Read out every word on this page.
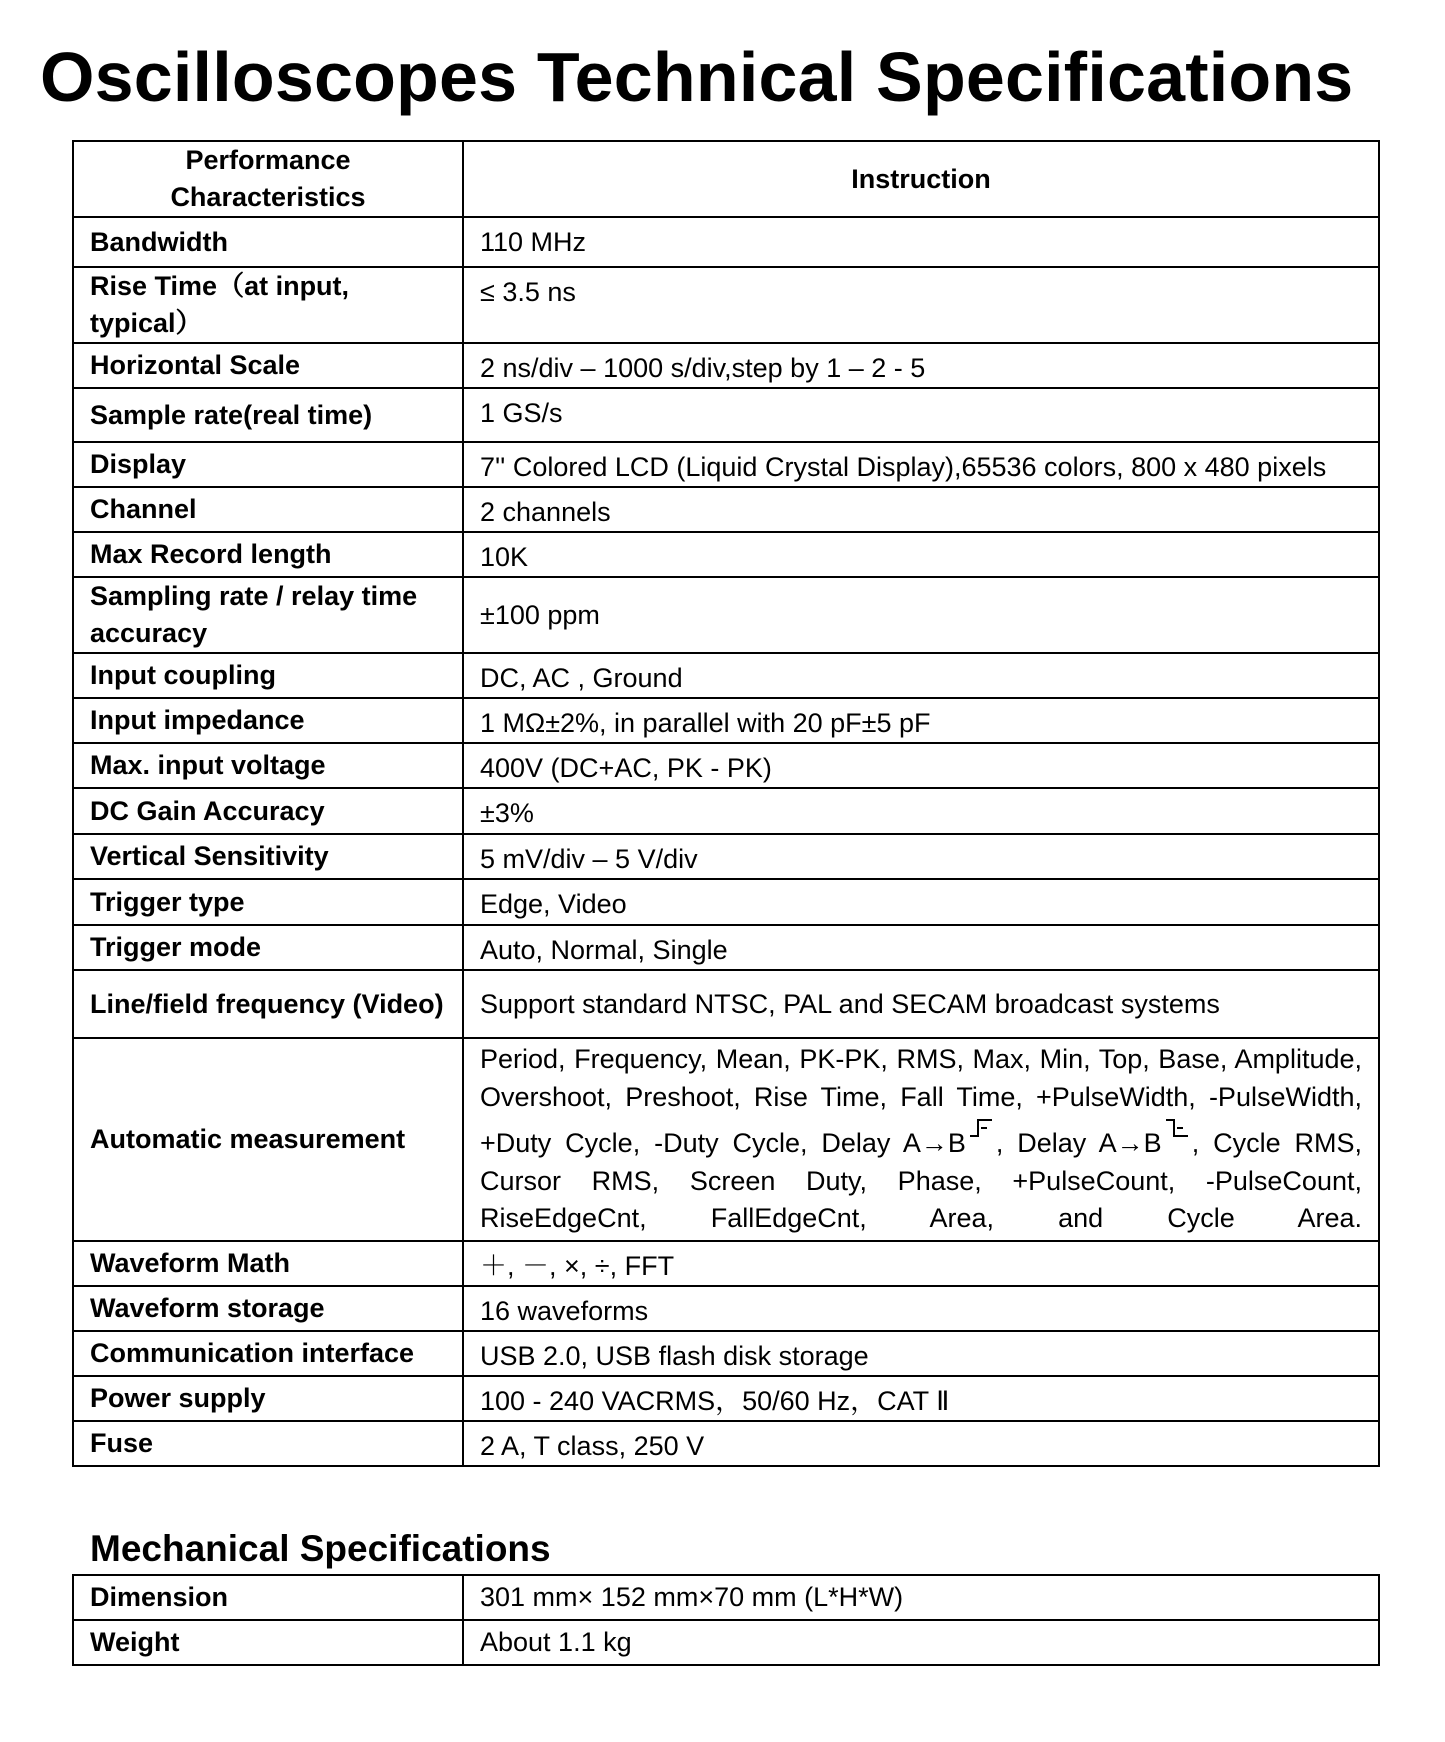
Oscilloscopes Technical Specifications
Performance Characteristics	Instruction
Bandwidth	110 MHz
Rise Time（at input, typical）	≤ 3.5 ns
Horizontal Scale	2 ns/div – 1000 s/div,step by 1 – 2 - 5
Sample rate(real time)	1 GS/s
Display	7'' Colored LCD (Liquid Crystal Display),65536 colors, 800 x 480 pixels
Channel	2 channels
Max Record length	10K
Sampling rate / relay time accuracy	±100 ppm
Input coupling	DC, AC , Ground
Input impedance	1 MΩ±2%, in parallel with 20 pF±5 pF
Max. input voltage	400V (DC+AC, PK - PK)
DC Gain Accuracy	±3%
Vertical Sensitivity	5 mV/div – 5 V/div
Trigger type	Edge, Video
Trigger mode	Auto, Normal, Single
Line/field frequency (Video)	Support standard NTSC, PAL and SECAM broadcast systems
Automatic measurement	Period, Frequency, Mean, PK-PK, RMS, Max, Min, Top, Base, Amplitude, Overshoot, Preshoot, Rise Time, Fall Time, +PulseWidth, -PulseWidth, +Duty Cycle, -Duty Cycle, Delay A→B , Delay A→B , Cycle RMS, Cursor RMS, Screen Duty, Phase, +PulseCount, -PulseCount, RiseEdgeCnt, FallEdgeCnt, Area, and Cycle Area.
Waveform Math	＋, －, ×, ÷, FFT
Waveform storage	16 waveforms
Communication interface	USB 2.0, USB flash disk storage
Power supply	100 - 240 VACRMS，50/60 Hz，CAT Ⅱ
Fuse	2 A, T class, 250 V
Mechanical Specifications
Dimension	301 mm× 152 mm×70 mm (L*H*W)
Weight	About 1.1 kg
